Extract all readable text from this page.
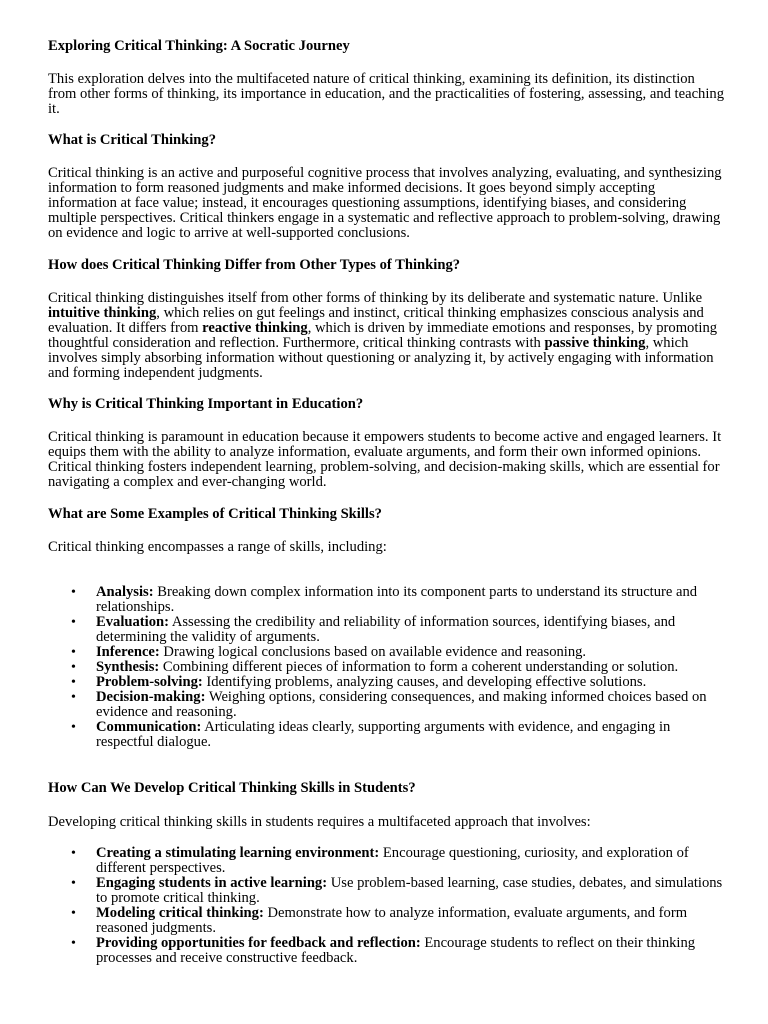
Exploring Critical Thinking: A Socratic Journey

This exploration delves into the multifaceted nature of critical thinking, examining its definition, its distinction from other forms of thinking, its importance in education, and the practicalities of fostering, assessing, and teaching it.

What is Critical Thinking?

Critical thinking is an active and purposeful cognitive process that involves analyzing, evaluating, and synthesizing information to form reasoned judgments and make informed decisions. It goes beyond simply accepting information at face value; instead, it encourages questioning assumptions, identifying biases, and considering multiple perspectives. Critical thinkers engage in a systematic and reflective approach to problem-solving, drawing on evidence and logic to arrive at well-supported conclusions.

How does Critical Thinking Differ from Other Types of Thinking?

Critical thinking distinguishes itself from other forms of thinking by its deliberate and systematic nature. Unlike intuitive thinking, which relies on gut feelings and instinct, critical thinking emphasizes conscious analysis and evaluation. It differs from reactive thinking, which is driven by immediate emotions and responses, by promoting thoughtful consideration and reflection. Furthermore, critical thinking contrasts with passive thinking, which involves simply absorbing information without questioning or analyzing it, by actively engaging with information and forming independent judgments.

Why is Critical Thinking Important in Education?

Critical thinking is paramount in education because it empowers students to become active and engaged learners. It equips them with the ability to analyze information, evaluate arguments, and form their own informed opinions. Critical thinking fosters independent learning, problem-solving, and decision-making skills, which are essential for navigating a complex and ever-changing world.

What are Some Examples of Critical Thinking Skills?

Critical thinking encompasses a range of skills, including:

• Analysis: Breaking down complex information into its component parts to understand its structure and relationships.
• Evaluation: Assessing the credibility and reliability of information sources, identifying biases, and determining the validity of arguments.
• Inference: Drawing logical conclusions based on available evidence and reasoning.
• Synthesis: Combining different pieces of information to form a coherent understanding or solution.
• Problem-solving: Identifying problems, analyzing causes, and developing effective solutions.
• Decision-making: Weighing options, considering consequences, and making informed choices based on evidence and reasoning.
• Communication: Articulating ideas clearly, supporting arguments with evidence, and engaging in respectful dialogue.
How Can We Develop Critical Thinking Skills in Students?

Developing critical thinking skills in students requires a multifaceted approach that involves:

• Creating a stimulating learning environment: Encourage questioning, curiosity, and exploration of different perspectives.
• Engaging students in active learning: Use problem-based learning, case studies, debates, and simulations to promote critical thinking.
• Modeling critical thinking: Demonstrate how to analyze information, evaluate arguments, and form reasoned judgments.
• Providing opportunities for feedback and reflection: Encourage students to reflect on their thinking processes and receive constructive feedback.
